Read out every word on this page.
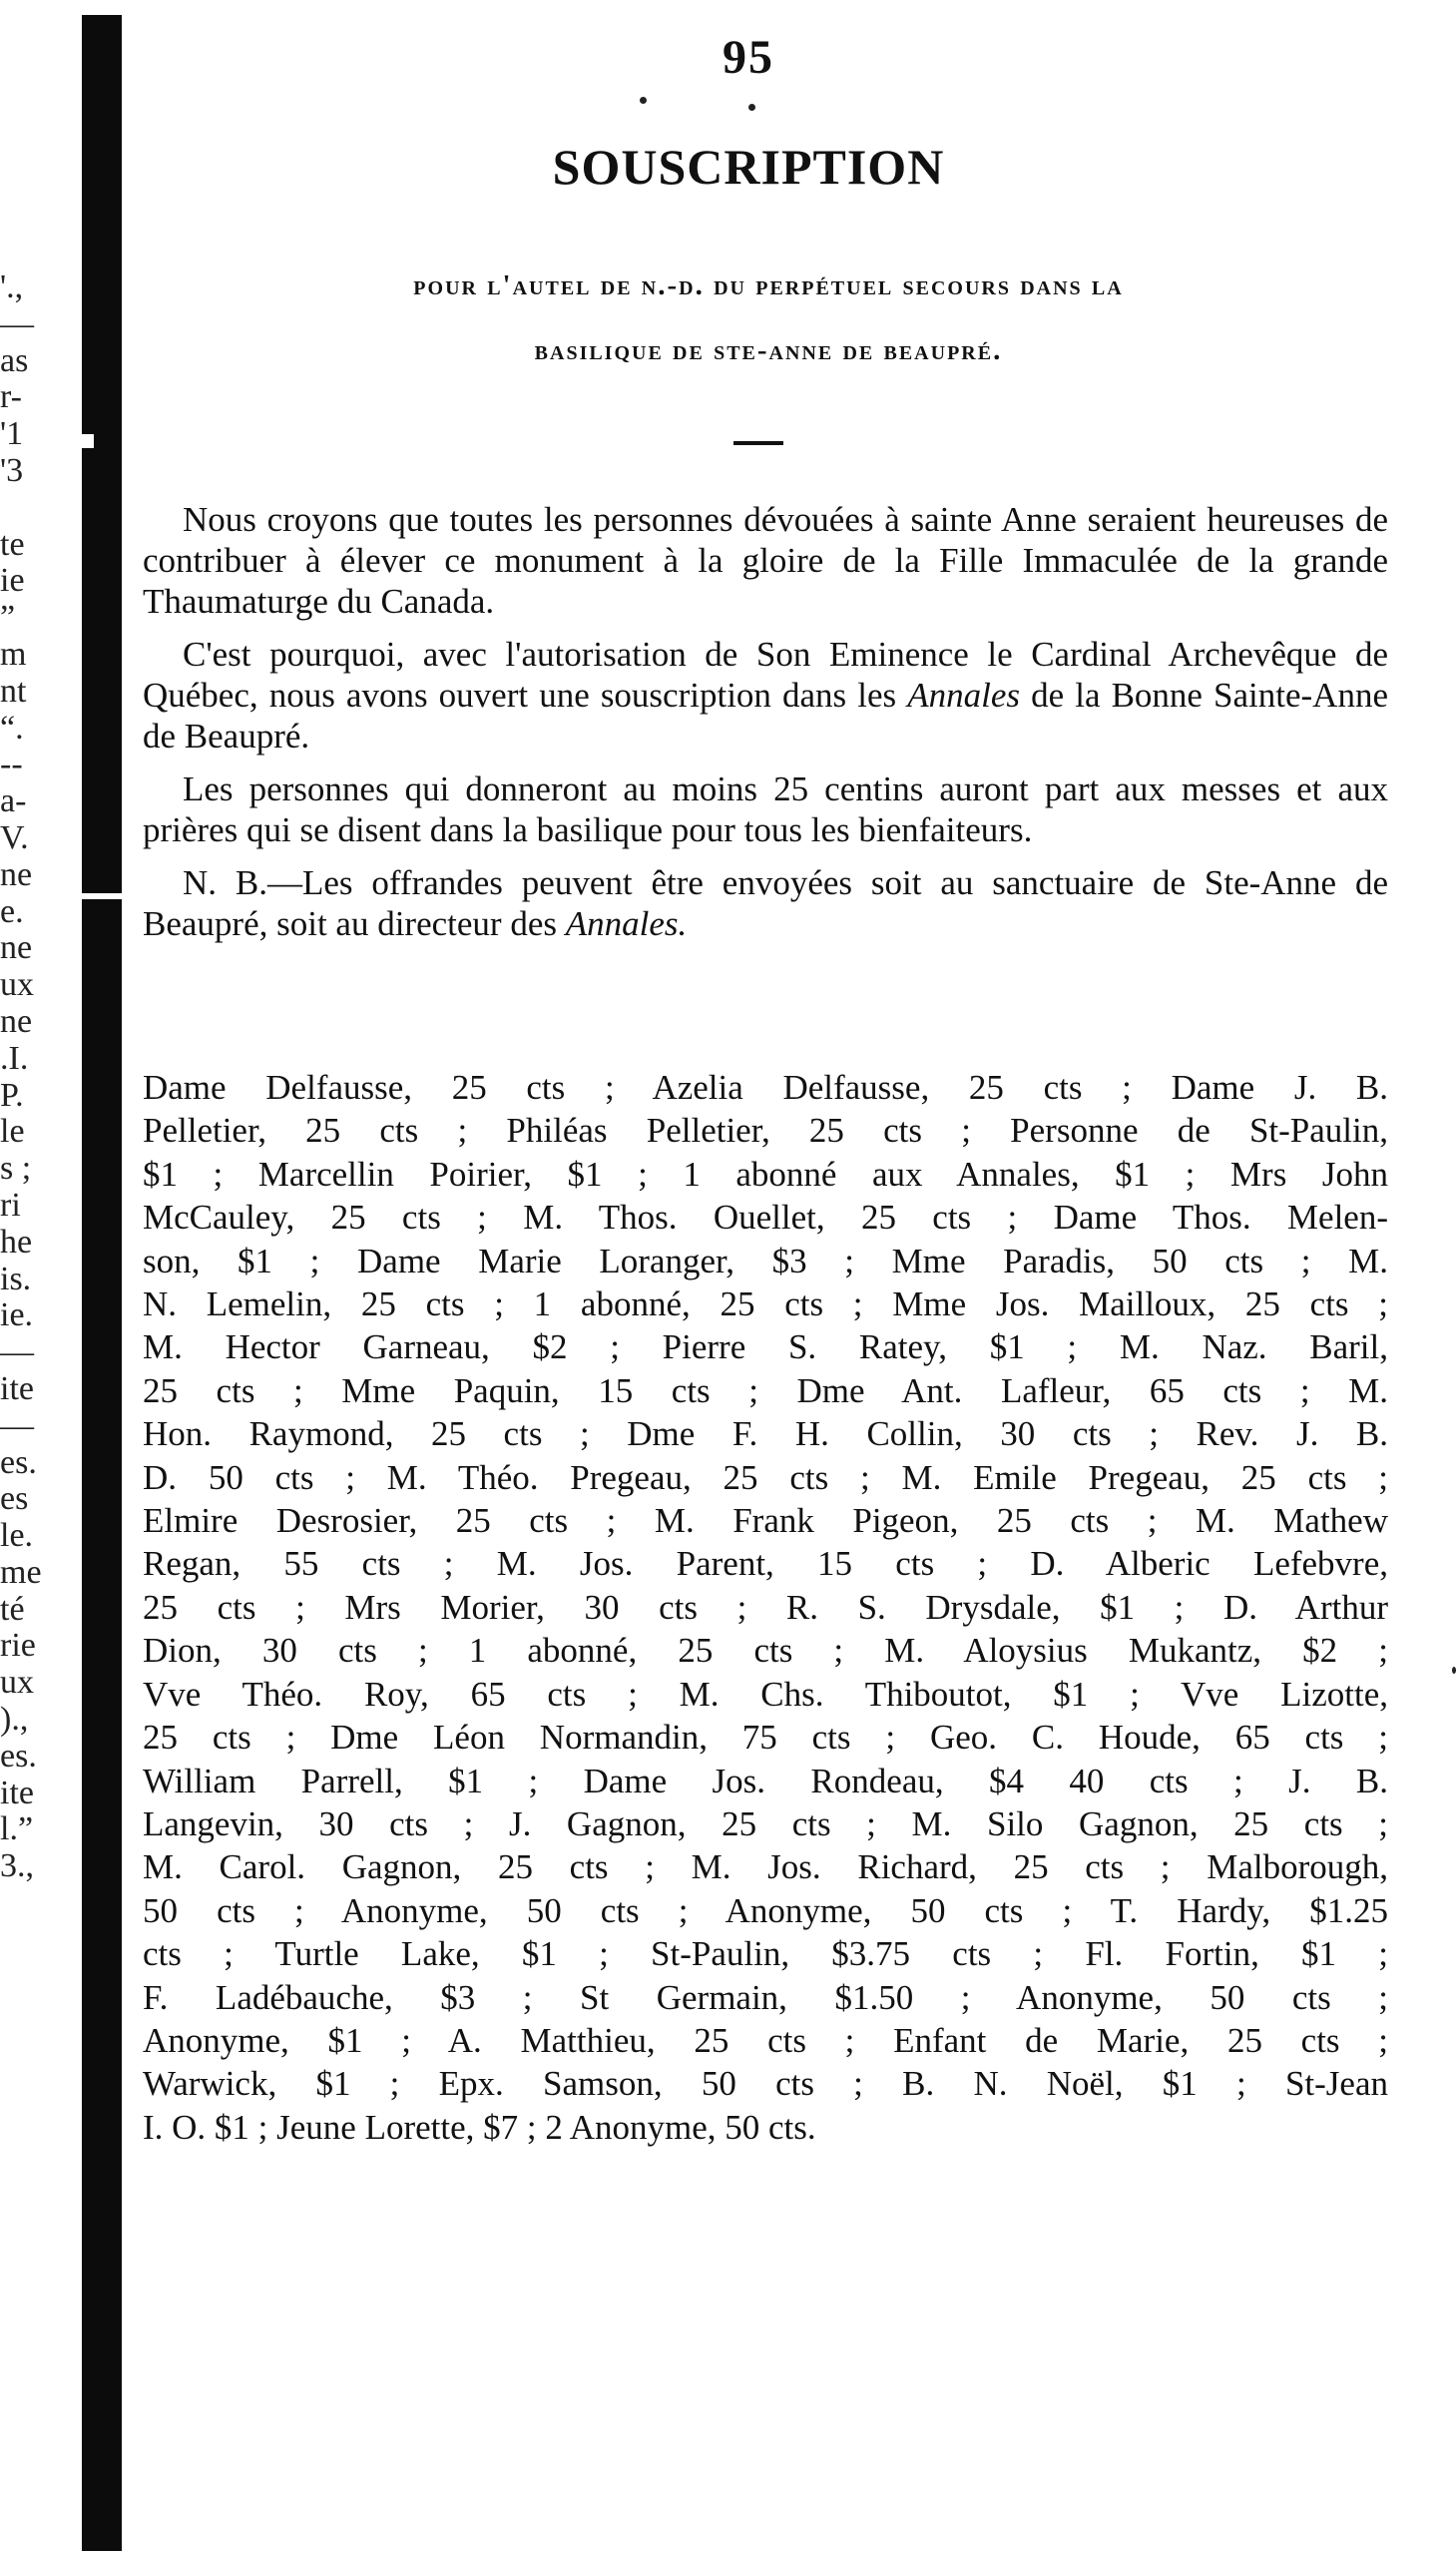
'.,
—
as
r-
'1
'3
te
ie
”
m
nt
“.
--
a-
V.
ne
e.
ne
ux
ne
.I.
P.
le
s ;
ri
he
is.
ie.
—
ite
—
es.
es
le.
me
té
rie
ux
).,
es.
ite
l.”
3.,
95
SOUSCRIPTION
pour l'autel de n.-d. du perpétuel secours dans la
basilique de ste-anne de beaupré.

Nous croyons que toutes les personnes dévouées à sainte Anne seraient heureuses de contribuer à élever ce monument à la gloire de la Fille Immaculée de la grande Thaumaturge du Canada.

C'est pourquoi, avec l'autorisation de Son Eminence le Cardinal Archevêque de Québec, nous avons ouvert une souscription dans les Annales de la Bonne Sainte-Anne de Beaupré.

Les personnes qui donneront au moins 25 centins auront part aux messes et aux prières qui se disent dans la basilique pour tous les bienfaiteurs.

N. B.—Les offrandes peuvent être envoyées soit au sanctuaire de Ste-Anne de Beaupré, soit au directeur des Annales.

Dame Delfausse, 25 cts ; Azelia Delfausse, 25 cts ; Dame J. B.
Pelletier, 25 cts ; Philéas Pelletier, 25 cts ; Personne de St-Paulin,
$1 ; Marcellin Poirier, $1 ; 1 abonné aux Annales, $1 ; Mrs John
McCauley, 25 cts ; M. Thos. Ouellet, 25 cts ; Dame Thos. Melen-
son, $1 ; Dame Marie Loranger, $3 ; Mme Paradis, 50 cts ; M.
N. Lemelin, 25 cts ; 1 abonné, 25 cts ; Mme Jos. Mailloux, 25 cts ;
M. Hector Garneau, $2 ; Pierre S. Ratey, $1 ; M. Naz. Baril,
25 cts ; Mme Paquin, 15 cts ; Dme Ant. Lafleur, 65 cts ; M.
Hon. Raymond, 25 cts ; Dme F. H. Collin, 30 cts ; Rev. J. B.
D. 50 cts ; M. Théo. Pregeau, 25 cts ; M. Emile Pregeau, 25 cts ;
Elmire Desrosier, 25 cts ; M. Frank Pigeon, 25 cts ; M. Mathew
Regan, 55 cts ; M. Jos. Parent, 15 cts ; D. Alberic Lefebvre,
25 cts ; Mrs Morier, 30 cts ; R. S. Drysdale, $1 ; D. Arthur
Dion, 30 cts ; 1 abonné, 25 cts ; M. Aloysius Mukantz, $2 ;
Vve Théo. Roy, 65 cts ; M. Chs. Thiboutot, $1 ; Vve Lizotte,
25 cts ; Dme Léon Normandin, 75 cts ; Geo. C. Houde, 65 cts ;
William Parrell, $1 ; Dame Jos. Rondeau, $4 40 cts ; J. B.
Langevin, 30 cts ; J. Gagnon, 25 cts ; M. Silo Gagnon, 25 cts ;
M. Carol. Gagnon, 25 cts ; M. Jos. Richard, 25 cts ; Malborough,
50 cts ; Anonyme, 50 cts ; Anonyme, 50 cts ; T. Hardy, $1.25
cts ; Turtle Lake, $1 ; St-Paulin, $3.75 cts ; Fl. Fortin, $1 ;
F. Ladébauche, $3 ; St Germain, $1.50 ; Anonyme, 50 cts ;
Anonyme, $1 ; A. Matthieu, 25 cts ; Enfant de Marie, 25 cts ;
Warwick, $1 ; Epx. Samson, 50 cts ; B. N. Noël, $1 ; St-Jean
I. O. $1 ; Jeune Lorette, $7 ; 2 Anonyme, 50 cts.
